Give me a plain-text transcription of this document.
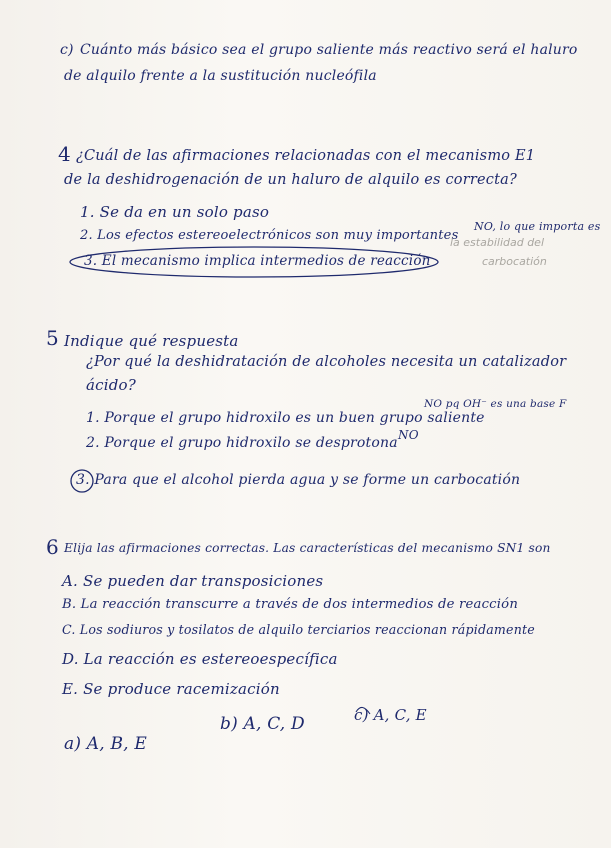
c) Cuánto más básico sea el grupo saliente más reactivo será el haluro
de alquilo frente a la sustitución nucleófila
4 ¿Cuál de las afirmaciones relacionadas con el mecanismo E1
de la deshidrogenación de un haluro de alquilo es correcta?
1. Se da en un solo paso
2. Los efectos estereoelectrónicos son muy importantes
NO, lo que importa es
la estabilidad del
carbocatión
3. El mecanismo implica intermedios de reacción
5 Indique qué respuesta
¿Por qué la deshidratación de alcoholes necesita un catalizador
ácido?
1. Porque el grupo hidroxilo es un buen grupo saliente
NO pq OH⁻ es una base F
2. Porque el grupo hidroxilo se desprotona NO
3. Para que el alcohol pierda agua y se forme un carbocatión
6 Elija las afirmaciones correctas. Las características del mecanismo SN1 son
A. Se pueden dar transposiciones
B. La reacción transcurre a través de dos intermedios de reacción
C. Los sodiuros y tosilatos de alquilo terciarios reaccionan rápidamente
D. La reacción es estereoespecífica
E. Se produce racemización
b) A, C, D	c) A, C, E
a) A, B, E
